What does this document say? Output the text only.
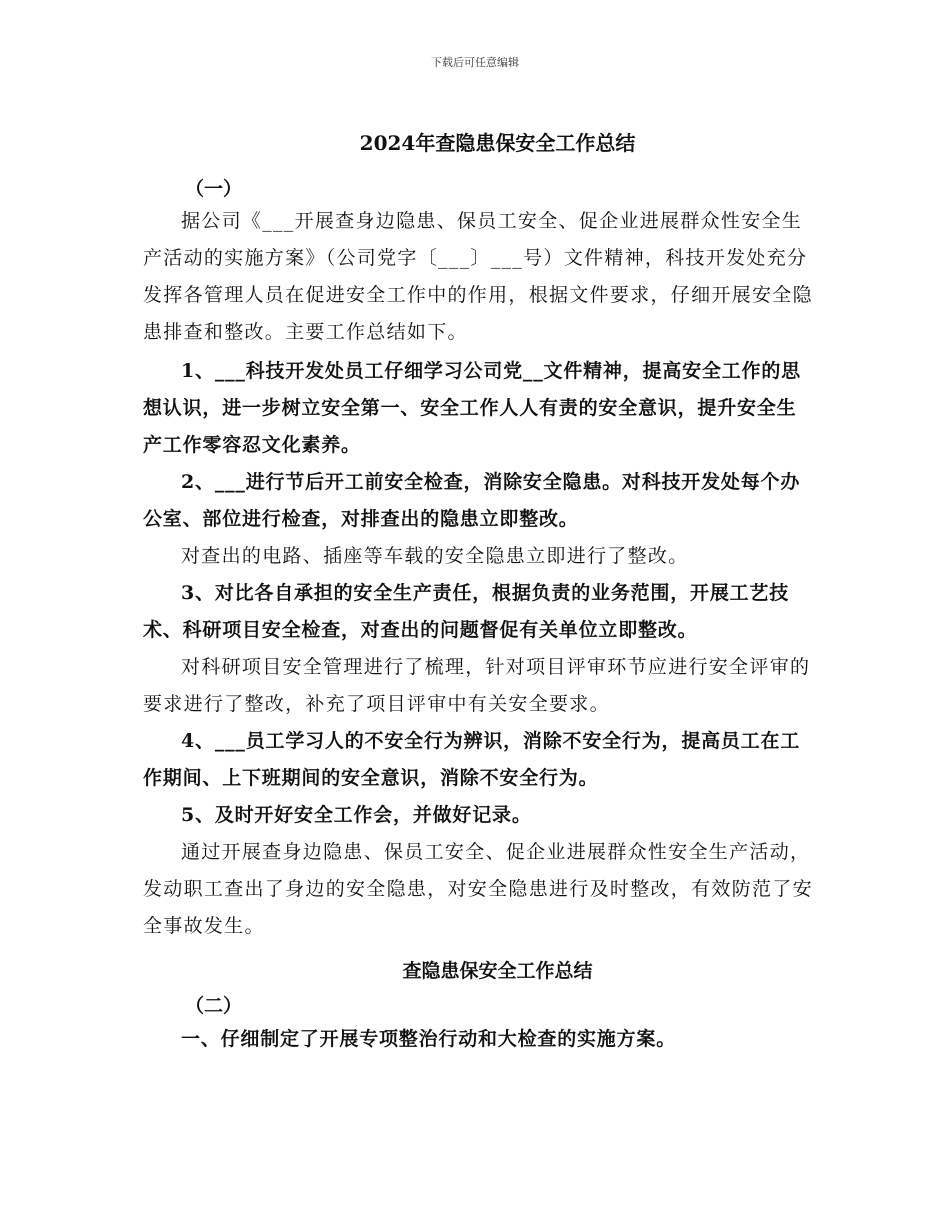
下载后可任意编辑
2024年查隐患保安全工作总结
（一）

据公司《___开展查身边隐患、保员工安全、促企业进展群众性安全生产活动的实施方案》（公司党字〔___〕___号）文件精神，科技开发处充分发挥各管理人员在促进安全工作中的作用，根据文件要求，仔细开展安全隐患排查和整改。主要工作总结如下。

1、___科技开发处员工仔细学习公司党__文件精神，提高安全工作的思想认识，进一步树立安全第一、安全工作人人有责的安全意识，提升安全生产工作零容忍文化素养。

2、___进行节后开工前安全检查，消除安全隐患。对科技开发处每个办公室、部位进行检查，对排查出的隐患立即整改。

对查出的电路、插座等车载的安全隐患立即进行了整改。

3、对比各自承担的安全生产责任，根据负责的业务范围，开展工艺技术、科研项目安全检查，对查出的问题督促有关单位立即整改。

对科研项目安全管理进行了梳理，针对项目评审环节应进行安全评审的要求进行了整改，补充了项目评审中有关安全要求。

4、___员工学习人的不安全行为辨识，消除不安全行为，提高员工在工作期间、上下班期间的安全意识，消除不安全行为。

5、及时开好安全工作会，并做好记录。

通过开展查身边隐患、保员工安全、促企业进展群众性安全生产活动，发动职工查出了身边的安全隐患，对安全隐患进行及时整改，有效防范了安全事故发生。

查隐患保安全工作总结
（二）

一、仔细制定了开展专项整治行动和大检查的实施方案。
